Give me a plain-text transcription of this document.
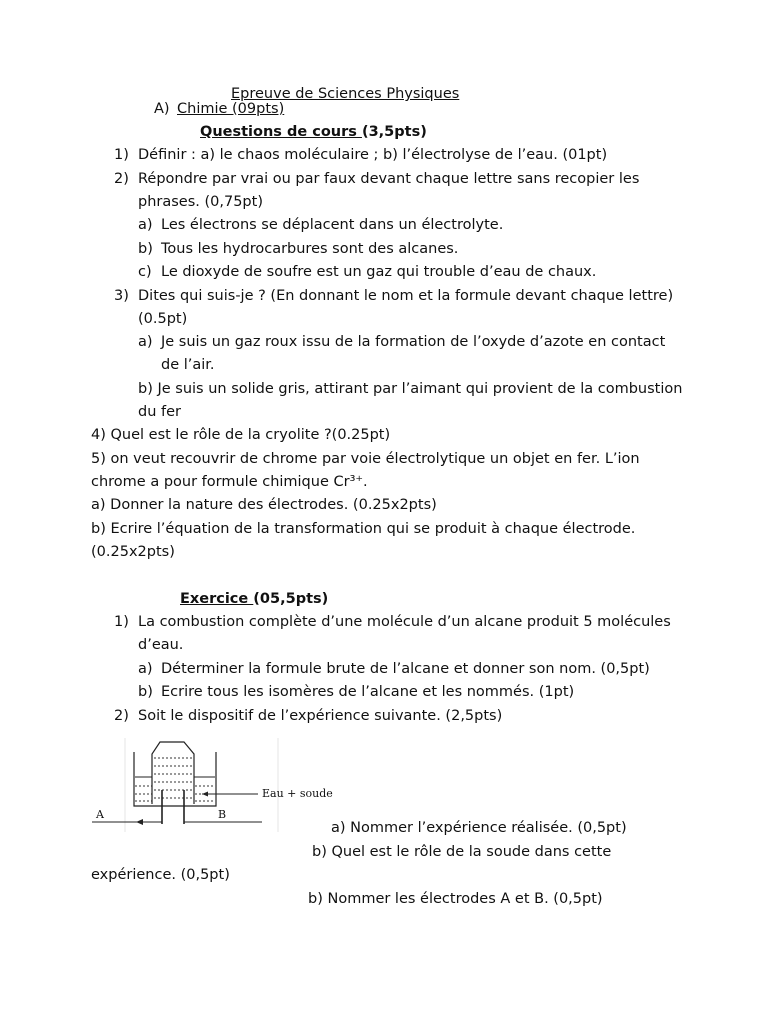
Epreuve de Sciences Physiques
A) Chimie (09pts)
Questions de cours (3,5pts)
1) Définir : a) le chaos moléculaire ; b) l’électrolyse de l’eau. (01pt)
2) Répondre par vrai ou par faux devant chaque lettre sans recopier les
phrases. (0,75pt)
a) Les électrons se déplacent dans un électrolyte.
b) Tous les hydrocarbures sont des alcanes.
c) Le dioxyde de soufre est un gaz qui trouble d’eau de chaux.
3) Dites qui suis-je ? (En donnant le nom et la formule devant chaque lettre)
(0.5pt)
a) Je suis un gaz roux issu de la formation de l’oxyde d’azote en contact
de l’air.
b) Je suis un solide gris, attirant par l’aimant qui provient de la combustion
du fer
4) Quel est le rôle de la cryolite ?(0.25pt)
5) on veut recouvrir de chrome par voie électrolytique un objet en fer. L’ion
chrome a pour formule chimique Cr³⁺.
a) Donner la nature des électrodes. (0.25x2pts)
b) Ecrire l’équation de la transformation qui se produit à chaque électrode.
(0.25x2pts)
Exercice (05,5pts)
1) La combustion complète d’une molécule d’un alcane produit 5 molécules
d’eau.
a) Déterminer la formule brute de l’alcane et donner son nom. (0,5pt)
b) Ecrire tous les isomères de l’alcane et les nommés. (1pt)
2) Soit le dispositif de l’expérience suivante. (2,5pts)
Eau + soude
A	B
a) Nommer l’expérience réalisée. (0,5pt)
b) Quel est le rôle de la soude dans cette
expérience. (0,5pt)
b) Nommer les électrodes A et B. (0,5pt)
